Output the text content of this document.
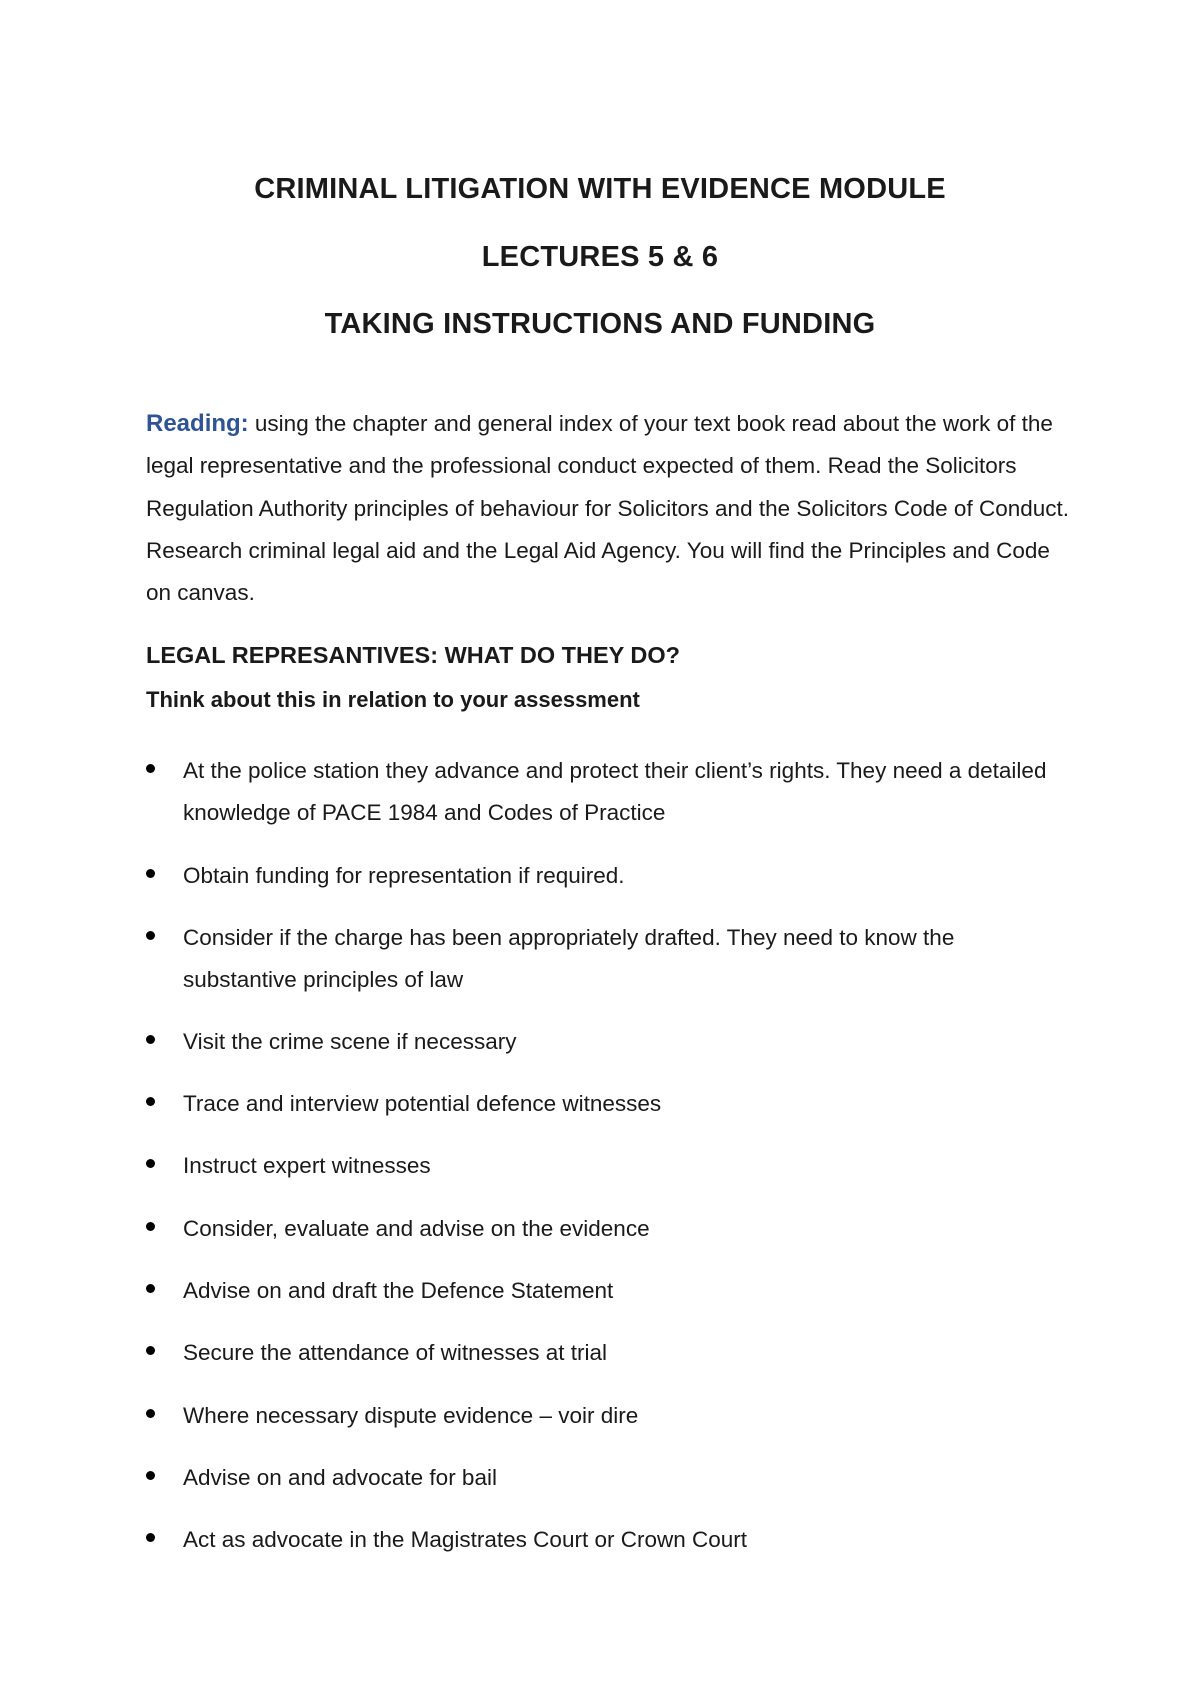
CRIMINAL LITIGATION WITH EVIDENCE MODULE
LECTURES 5 & 6
TAKING INSTRUCTIONS AND FUNDING

Reading: using the chapter and general index of your text book read about the work of the legal representative and the professional conduct expected of them. Read the Solicitors Regulation Authority principles of behaviour for Solicitors and the Solicitors Code of Conduct. Research criminal legal aid and the Legal Aid Agency. You will find the Principles and Code on canvas.

LEGAL REPRESANTIVES: WHAT DO THEY DO?

Think about this in relation to your assessment

At the police station they advance and protect their client’s rights. They need a detailed knowledge of PACE 1984 and Codes of Practice
Obtain funding for representation if required.
Consider if the charge has been appropriately drafted. They need to know the substantive principles of law
Visit the crime scene if necessary
Trace and interview potential defence witnesses
Instruct expert witnesses
Consider, evaluate and advise on the evidence
Advise on and draft the Defence Statement
Secure the attendance of witnesses at trial
Where necessary dispute evidence – voir dire
Advise on and advocate for bail
Act as advocate in the Magistrates Court or Crown Court
